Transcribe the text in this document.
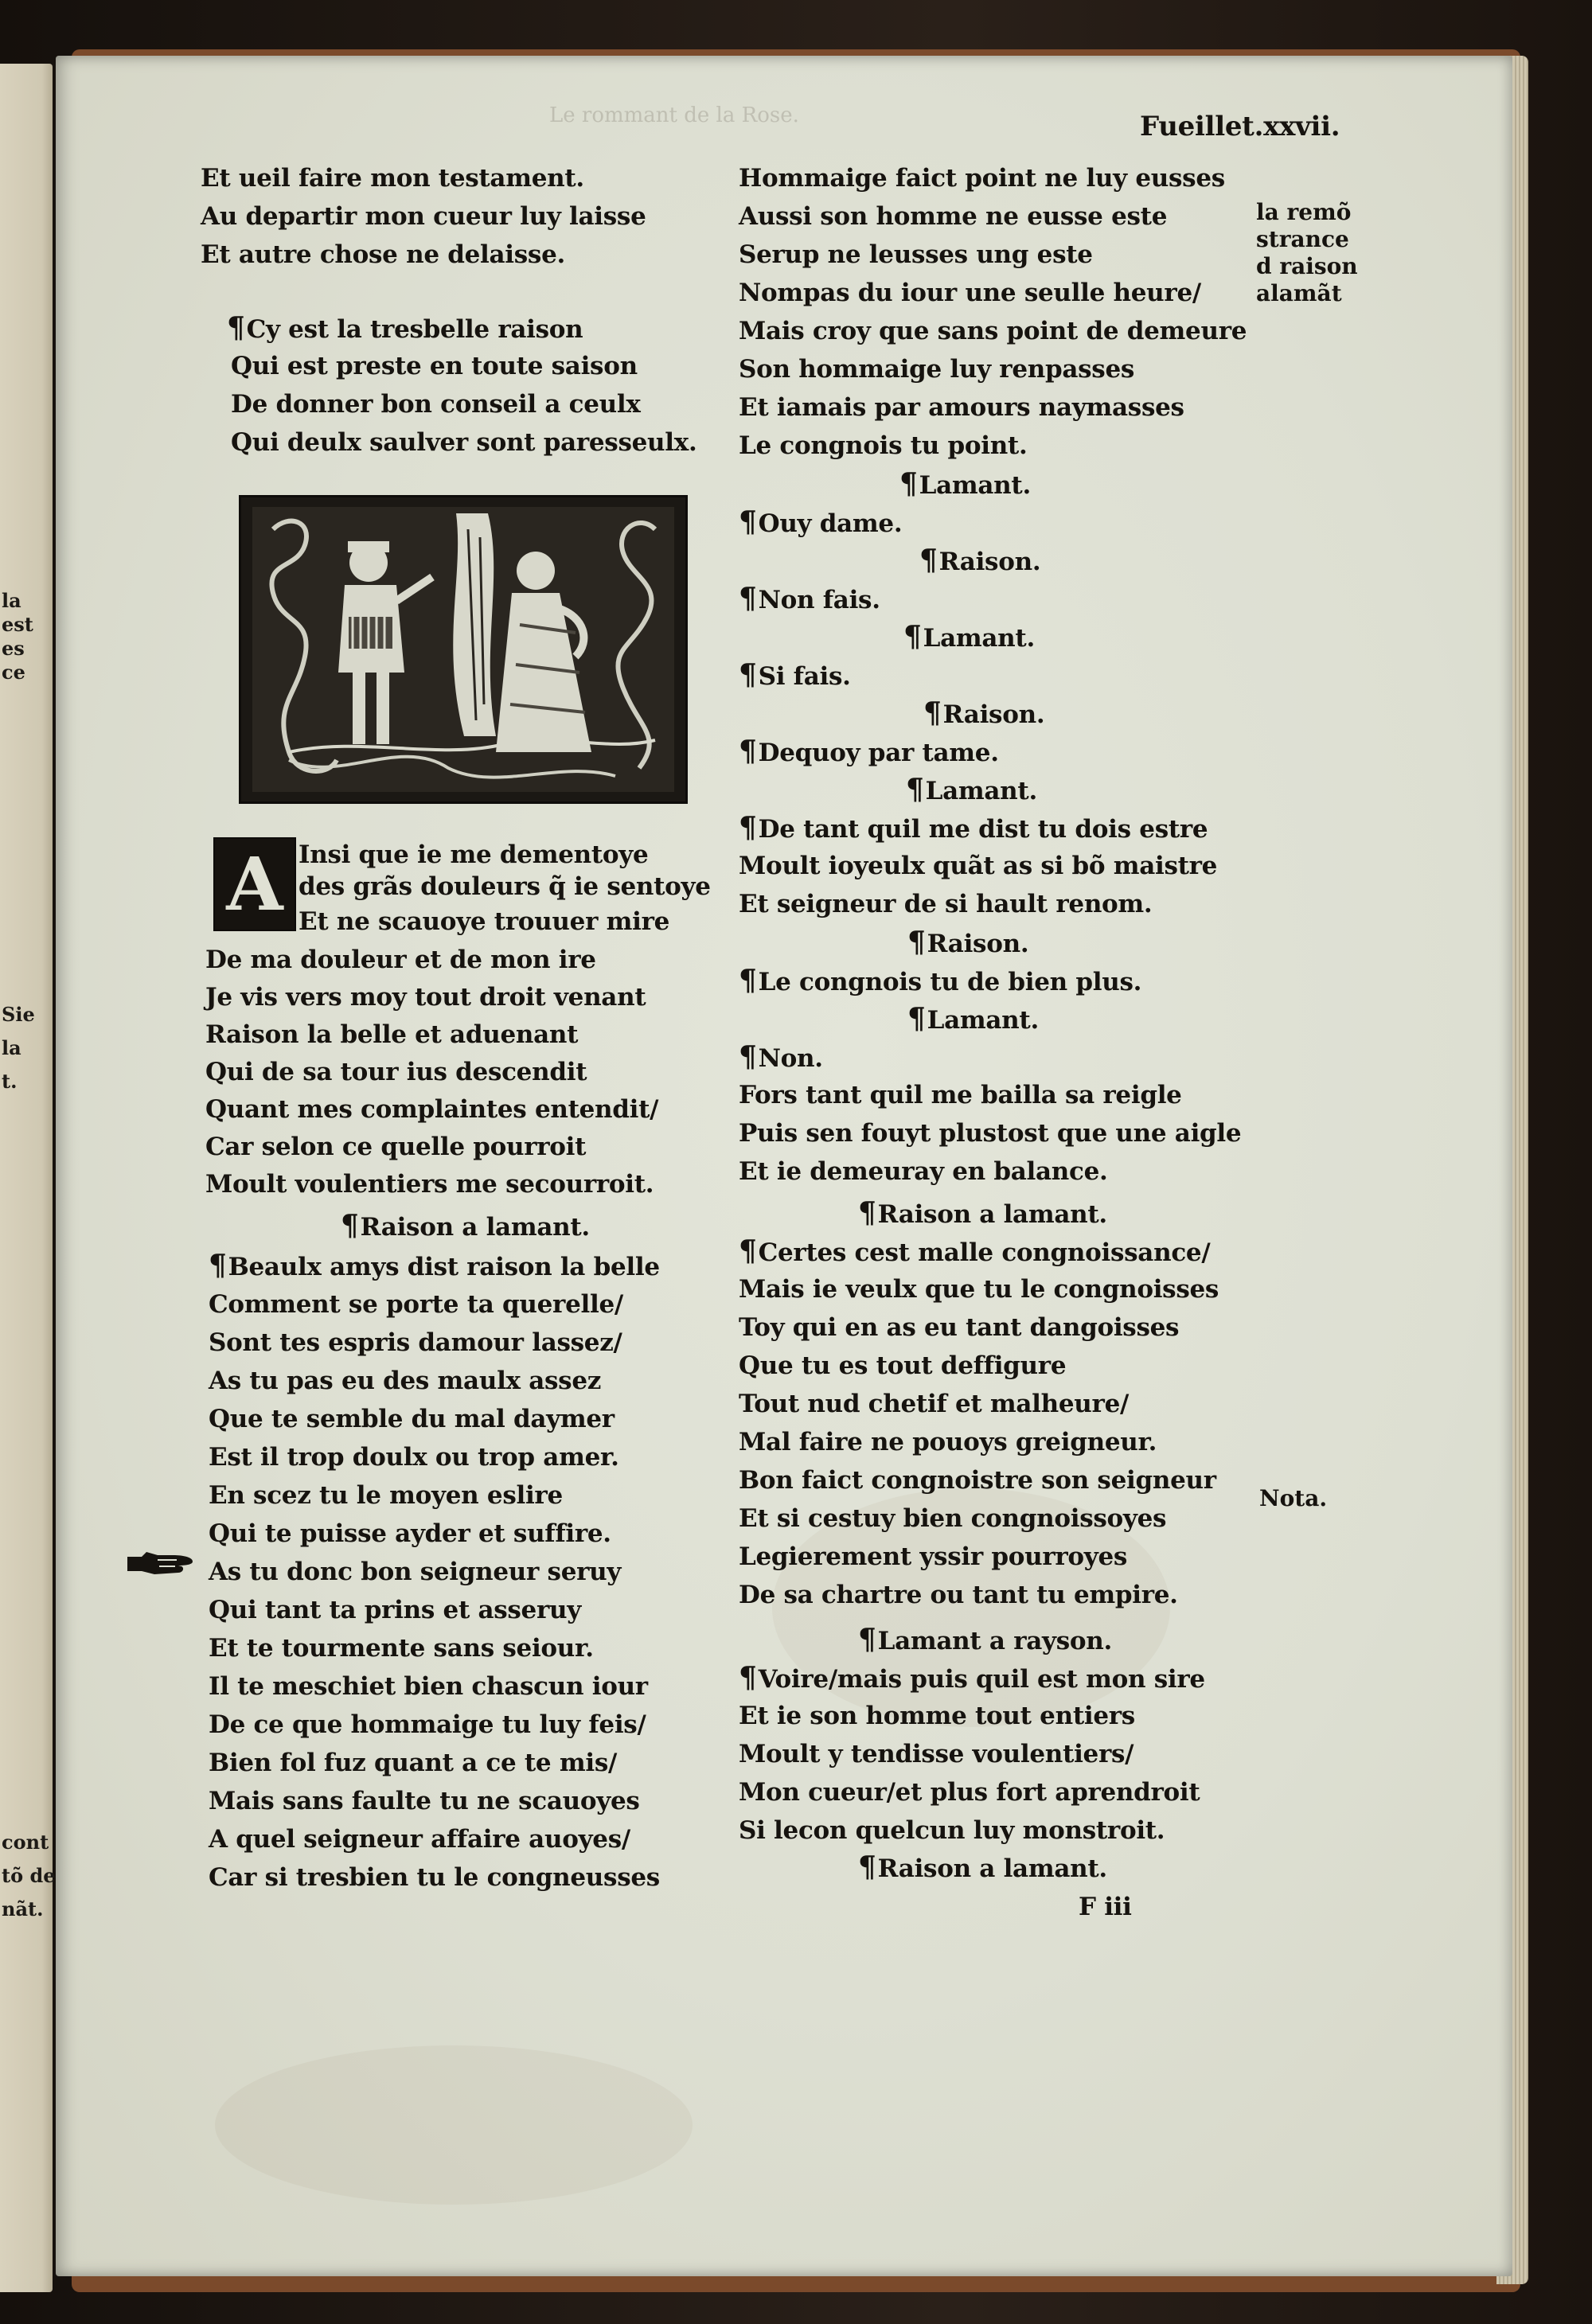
la
est
es
ce
Sie
la
t.
cont
tõ de
nãt.
Le rommant de la Rose.	Fueillet.xxvii.
Et ueil faire mon testament.
Au departir mon cueur luy laisse
Et autre chose ne delaisse.
¶Cy est la tresbelle raison
Qui est preste en toute saison
De donner bon conseil a ceulx
Qui deulx saulver sont paresseulx.
A Insi que ie me dementoye
des grãs douleurs q̃ ie sentoye
Et ne scauoye trouuer mire
De ma douleur et de mon ire
Je vis vers moy tout droit venant
Raison la belle et aduenant
Qui de sa tour ius descendit
Quant mes complaintes entendit/
Car selon ce quelle pourroit
Moult voulentiers me secourroit.
¶Raison a lamant.
¶Beaulx amys dist raison la belle
Comment se porte ta querelle/
Sont tes espris damour lassez/
As tu pas eu des maulx assez
Que te semble du mal daymer
Est il trop doulx ou trop amer.
En scez tu le moyen eslire
Qui te puisse ayder et suffire.
As tu donc bon seigneur seruy
Qui tant ta prins et asseruy
Et te tourmente sans seiour.
Il te meschiet bien chascun iour
De ce que hommaige tu luy feis/
Bien fol fuz quant a ce te mis/
Mais sans faulte tu ne scauoyes
A quel seigneur affaire auoyes/
Car si tresbien tu le congneusses
Hommaige faict point ne luy eusses
Aussi son homme ne eusse este
Serup ne leusses ung este
Nompas du iour une seulle heure/
Mais croy que sans point de demeure
Son hommaige luy renpasses
Et iamais par amours naymasses
Le congnois tu point.
¶Lamant.
¶Ouy dame.
¶Raison.
¶Non fais.
¶Lamant.
¶Si fais.
¶Raison.
¶Dequoy par tame.
¶Lamant.
¶De tant quil me dist tu dois estre
Moult ioyeulx quãt as si bõ maistre
Et seigneur de si hault renom.
¶Raison.
¶Le congnois tu de bien plus.
¶Lamant.
¶Non.
Fors tant quil me bailla sa reigle
Puis sen fouyt plustost que une aigle
Et ie demeuray en balance.
¶Raison a lamant.
¶Certes cest malle congnoissance/
Mais ie veulx que tu le congnoisses
Toy qui en as eu tant dangoisses
Que tu es tout deffigure
Tout nud chetif et malheure/
Mal faire ne pouoys greigneur.
Bon faict congnoistre son seigneur
Et si cestuy bien congnoissoyes
Legierement yssir pourroyes
De sa chartre ou tant tu empire.
¶Lamant a rayson.
¶Voire/mais puis quil est mon sire
Et ie son homme tout entiers
Moult y tendisse voulentiers/
Mon cueur/et plus fort aprendroit
Si lecon quelcun luy monstroit.
¶Raison a lamant.
F iii
la remõ
strance
d raison
alamãt
Nota.
